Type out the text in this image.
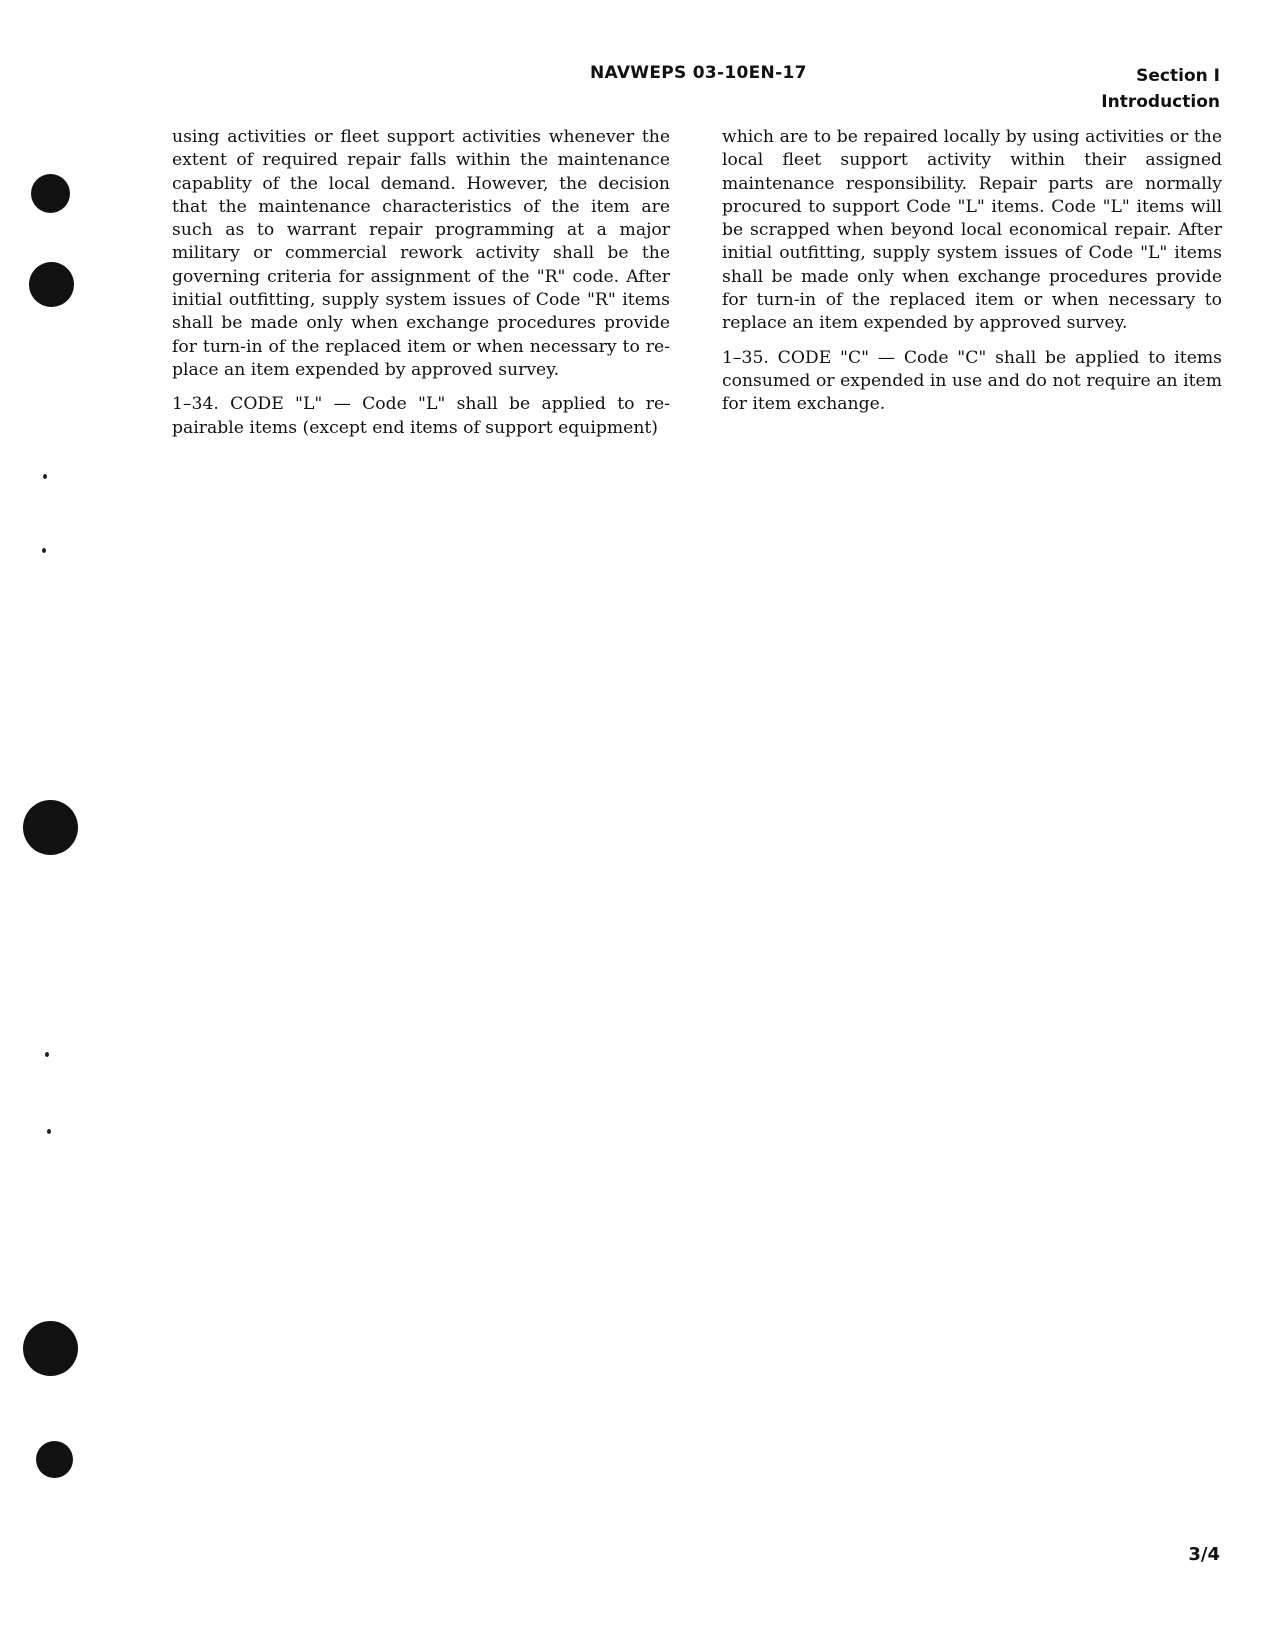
NAVWEPS 03-10EN-17	Section I
Introduction

using activities or fleet support activities whenever the extent of required repair falls within the maintenance capablity of the local demand. However, the decision that the maintenance characteristics of the item are such as to warrant repair programming at a major military or commercial rework activity shall be the governing criteria for assignment of the "R" code. After initial outfitting, supply system issues of Code "R" items shall be made only when exchange procedures provide for turn-in of the replaced item or when necessary to replace an item expended by approved survey.

1–34. CODE "L" — Code "L" shall be applied to repairable items (except end items of support equipment)

which are to be repaired locally by using activities or the local fleet support activity within their assigned maintenance responsibility. Repair parts are normally procured to support Code "L" items. Code "L" items will be scrapped when beyond local economical repair. After initial outfitting, supply system issues of Code "L" items shall be made only when exchange procedures provide for turn-in of the replaced item or when necessary to replace an item expended by approved survey.

1–35. CODE "C" — Code "C" shall be applied to items consumed or expended in use and do not require an item for item exchange.

3/4
